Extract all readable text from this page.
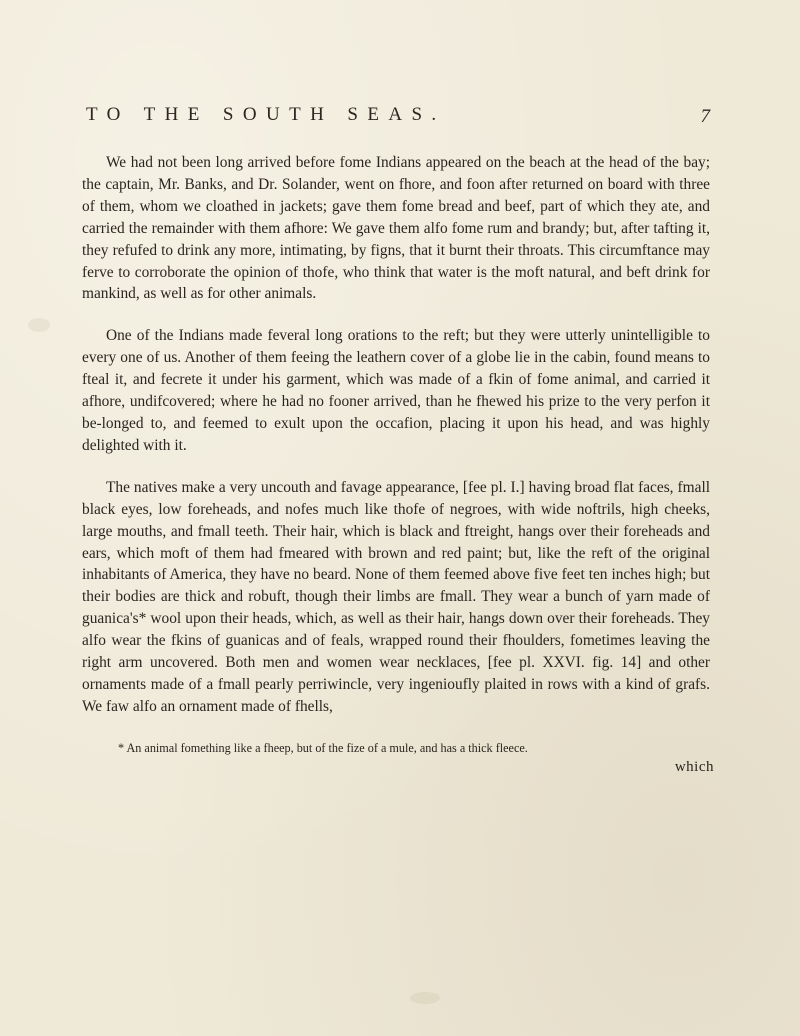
TO THE SOUTH SEAS.	7

We had not been long arrived before fome Indians appeared on the beach at the head of the bay; the captain, Mr. Banks, and Dr. Solander, went on fhore, and foon after returned on board with three of them, whom we cloathed in jackets; gave them fome bread and beef, part of which they ate, and carried the remainder with them afhore: We gave them alfo fome rum and brandy; but, after tafting it, they refufed to drink any more, intimating, by figns, that it burnt their throats. This circumftance may ferve to corroborate the opinion of thofe, who think that water is the moft natural, and beft drink for mankind, as well as for other animals.

One of the Indians made feveral long orations to the reft; but they were utterly unintelligible to every one of us. Another of them feeing the leathern cover of a globe lie in the cabin, found means to fteal it, and fecrete it under his garment, which was made of a fkin of fome animal, and carried it afhore, undifcovered; where he had no fooner arrived, than he fhewed his prize to the very perfon it be-longed to, and feemed to exult upon the occafion, placing it upon his head, and was highly delighted with it.

The natives make a very uncouth and favage appearance, [fee pl. I.] having broad flat faces, fmall black eyes, low foreheads, and nofes much like thofe of negroes, with wide noftrils, high cheeks, large mouths, and fmall teeth. Their hair, which is black and ftreight, hangs over their foreheads and ears, which moft of them had fmeared with brown and red paint; but, like the reft of the original inhabitants of America, they have no beard. None of them feemed above five feet ten inches high; but their bodies are thick and robuft, though their limbs are fmall. They wear a bunch of yarn made of guanica's* wool upon their heads, which, as well as their hair, hangs down over their foreheads. They alfo wear the fkins of guanicas and of feals, wrapped round their fhoulders, fometimes leaving the right arm uncovered. Both men and women wear necklaces, [fee pl. XXVI. fig. 14] and other ornaments made of a fmall pearly perriwincle, very ingenioufly plaited in rows with a kind of grafs. We faw alfo an ornament made of fhells,

* An animal fomething like a fheep, but of the fize of a mule, and has a thick fleece.
which
